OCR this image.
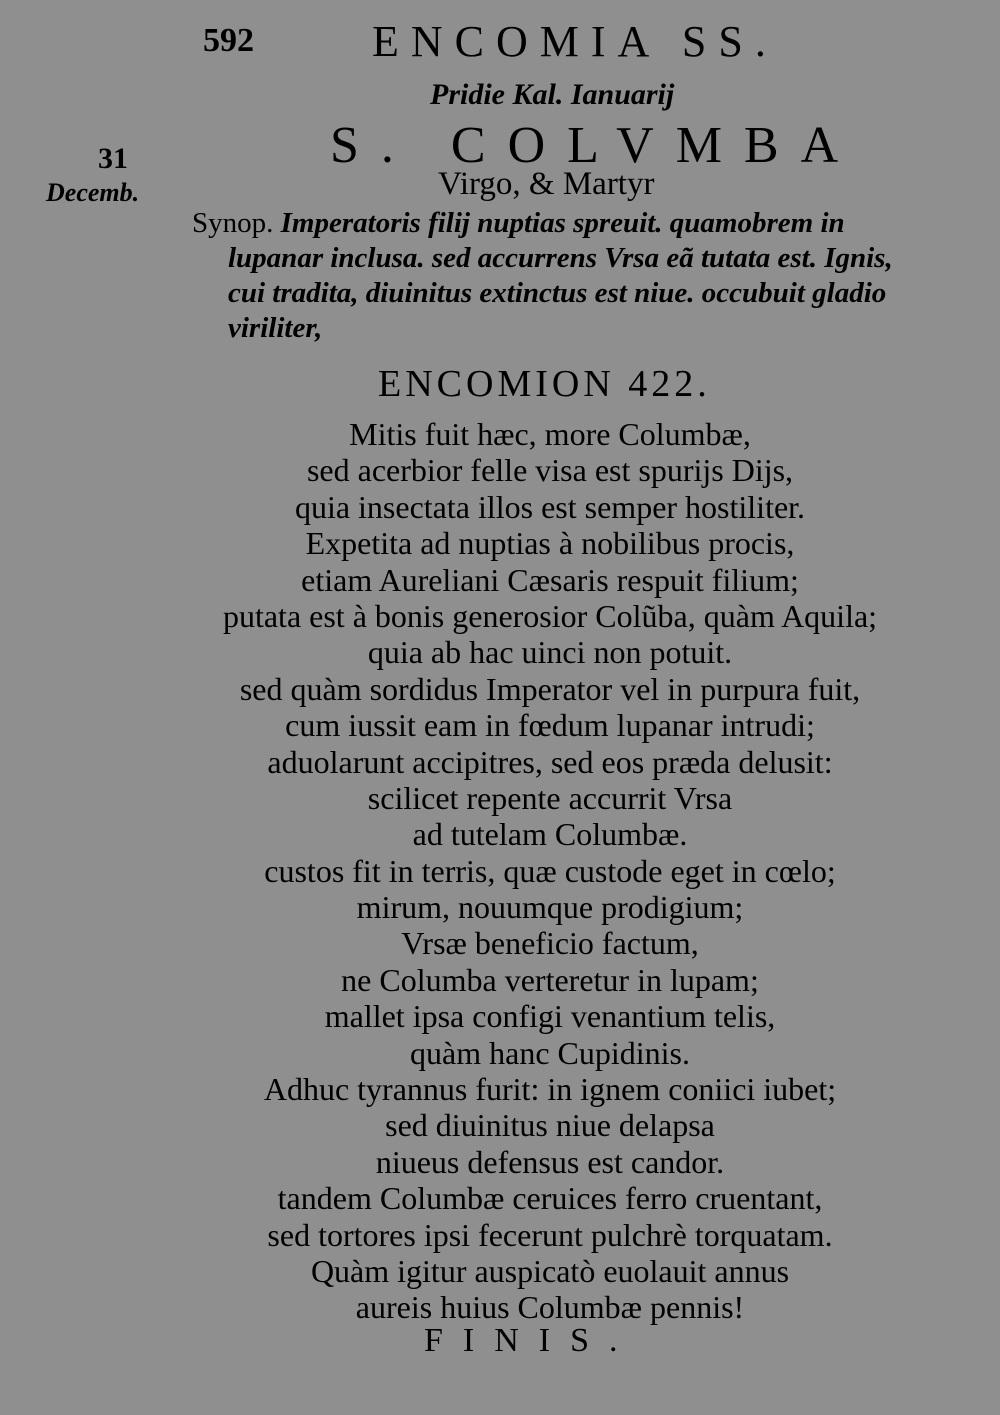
592	ENCOMIA SS.
Pridie Kal. Ianuarij
31
Decemb.
S. COLVMBA
Virgo, & Martyr
Synop. Imperatoris filij nuptias spreuit. quamobrem in
lupanar inclusa. sed accurrens Vrsa eã tutata est. Ignis,
cui tradita, diuinitus extinctus est niue. occubuit gladio
viriliter,
ENCOMION 422.
Mitis fuit hæc, more Columbæ,
sed acerbior felle visa est spurijs Dijs,
quia insectata illos est semper hostiliter.
Expetita ad nuptias à nobilibus procis,
etiam Aureliani Cæsaris respuit filium;
putata est à bonis generosior Colũba, quàm Aquila;
quia ab hac uinci non potuit.
sed quàm sordidus Imperator vel in purpura fuit,
cum iussit eam in fœdum lupanar intrudi;
aduolarunt accipitres, sed eos præda delusit:
scilicet repente accurrit Vrsa
ad tutelam Columbæ.
custos fit in terris, quæ custode eget in cœlo;
mirum, nouumque prodigium;
Vrsæ beneficio factum,
ne Columba verteretur in lupam;
mallet ipsa configi venantium telis,
quàm hanc Cupidinis.
Adhuc tyrannus furit: in ignem coniici iubet;
sed diuinitus niue delapsa
niueus defensus est candor.
tandem Columbæ ceruices ferro cruentant,
sed tortores ipsi fecerunt pulchrè torquatam.
Quàm igitur auspicatò euolauit annus
aureis huius Columbæ pennis!
FINIS.
